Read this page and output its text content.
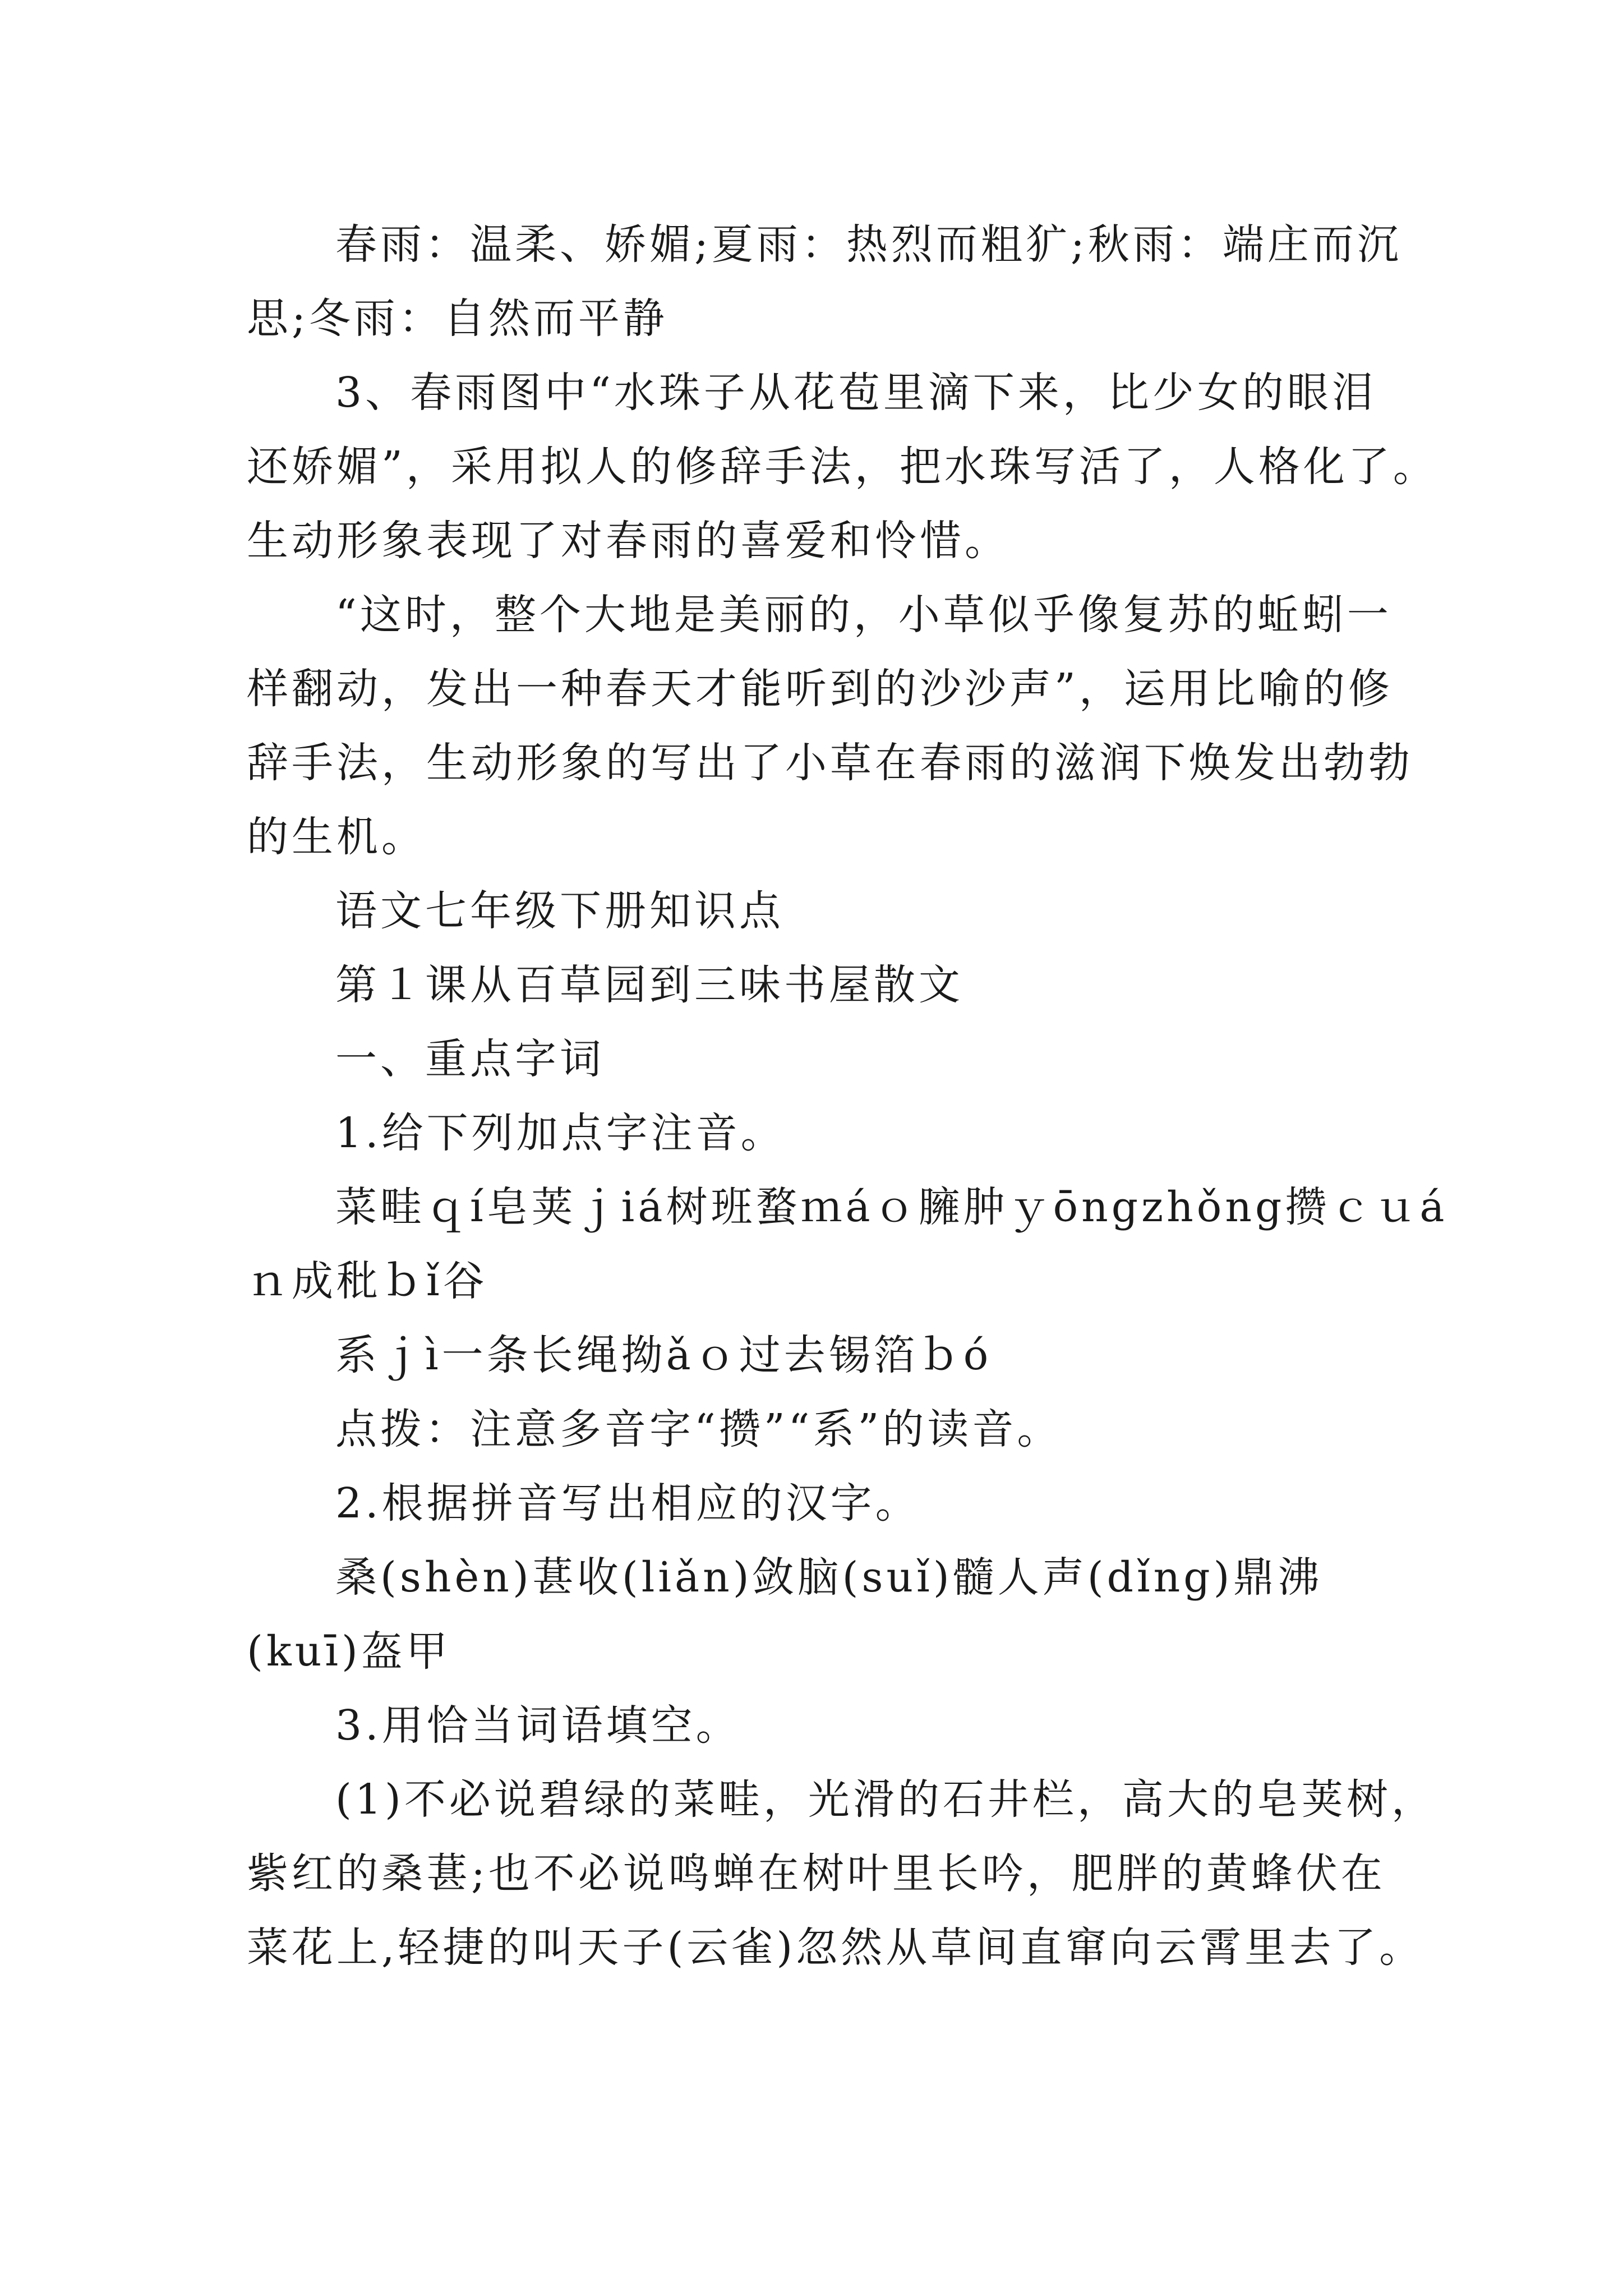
春雨：温柔、娇媚;夏雨：热烈而粗犷;秋雨：端庄而沉
思;冬雨：自然而平静
3、春雨图中“水珠子从花苞里滴下来，比少女的眼泪
还娇媚”，采用拟人的修辞手法，把水珠写活了，人格化了。
生动形象表现了对春雨的喜爱和怜惜。
“这时，整个大地是美丽的，小草似乎像复苏的蚯蚓一
样翻动，发出一种春天才能听到的沙沙声”，运用比喻的修
辞手法，生动形象的写出了小草在春雨的滋润下焕发出勃勃
的生机。
语文七年级下册知识点
第１课从百草园到三味书屋散文
一、重点字词
1.给下列加点字注音。
菜畦ｑí皂荚ｊiá树班蝥ｍáｏ臃肿ｙōngzhǒng攒ｃｕá
ｎ成秕ｂǐ谷
系ｊì一条长绳拗ǎｏ过去锡箔ｂó
点拨：注意多音字“攒”“系”的读音。
2.根据拼音写出相应的汉字。
桑(shèn)葚收(liǎn)敛脑(suǐ)髓人声(dǐng)鼎沸
(kuī)盔甲
3.用恰当词语填空。
(1)不必说碧绿的菜畦，光滑的石井栏，高大的皂荚树，
紫红的桑葚;也不必说鸣蝉在树叶里长吟，肥胖的黄蜂伏在
菜花上,轻捷的叫天子(云雀)忽然从草间直窜向云霄里去了。
